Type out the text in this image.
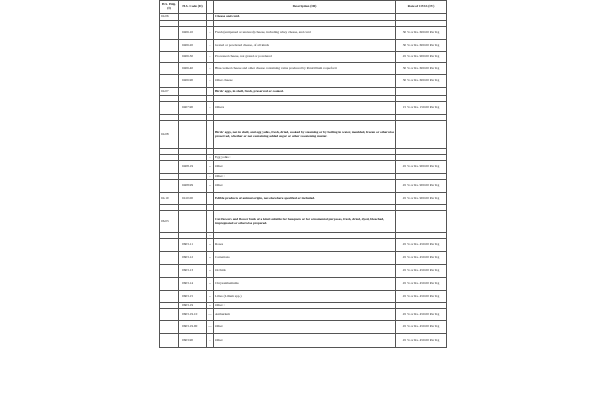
H.S. Hdg. (I)	H.S. Code (II)		Description (III)	Rate of CESS (IV)
04.06			Cheese and curd.	

	0406.10	-	Fresh (unripened or uncured) cheese, including whey cheese, and curd	30 % or Rs. 600.00 Per Kg
	0406.20	-	Grated or powdered cheese, of all kinds	30 % or Rs. 600.00 Per Kg
	0406.30	-	Processed cheese, not grated or powdered	45 % or Rs. 900.00 Per Kg
	0406.40	-	Blue-veined cheese and other cheese containing veins produced by Penicillium roqueforti	30 % or Rs. 600.00 Per Kg
	0406.90	-	Other cheese	30 % or Rs. 600.00 Per Kg
04.07			Birds' eggs, in shell, fresh, preserved or cooked.	

	0407.90	-	Others	15 % or Rs. 150.00 Per Kg

04.08			Birds' eggs, not in shell, and egg yolks, fresh, dried, cooked by steaming or by boiling in water, moulded, frozen or otherwise preserved, whether or not containing added sugar or other sweetening matter.	

		-	Egg yolks :	
	0408.19	--	Other	45 % or Rs. 900.00 Per Kg
		-	Other :	
	0408.99	--	Other	45 % or Rs. 900.00 Per Kg
04.10	0410.00		Edible products of animal origin, not elsewhere specified or included.	45 % or Rs. 900.00 Per Kg

06.03			Cut flowers and flower buds of a kind suitable for bouquets or for ornamental purposes, fresh, dried, dyed, bleached, impregnated or otherwise prepared.	
		-		
	0603.11	--	Roses	45 % or Rs. 450.00 Per Kg
	0603.12	--	Carnations	45 % or Rs. 450.00 Per Kg
	0603.13	--	Orchids	45 % or Rs. 450.00 Per Kg
	0603.14	--	Chrysanthemums	45 % or Rs. 450.00 Per Kg
	0603.15	--	Lilies (Lilium spp.)	45 % or Rs. 450.00 Per Kg
	0603.19	--	Other :	
	0603.19.10	---	Anthurium	45 % or Rs. 450.00 Per Kg
	0603.19.90	---	Other	45 % or Rs. 450.00 Per Kg
	0603.90	-	Other	45 % or Rs. 450.00 Per Kg
